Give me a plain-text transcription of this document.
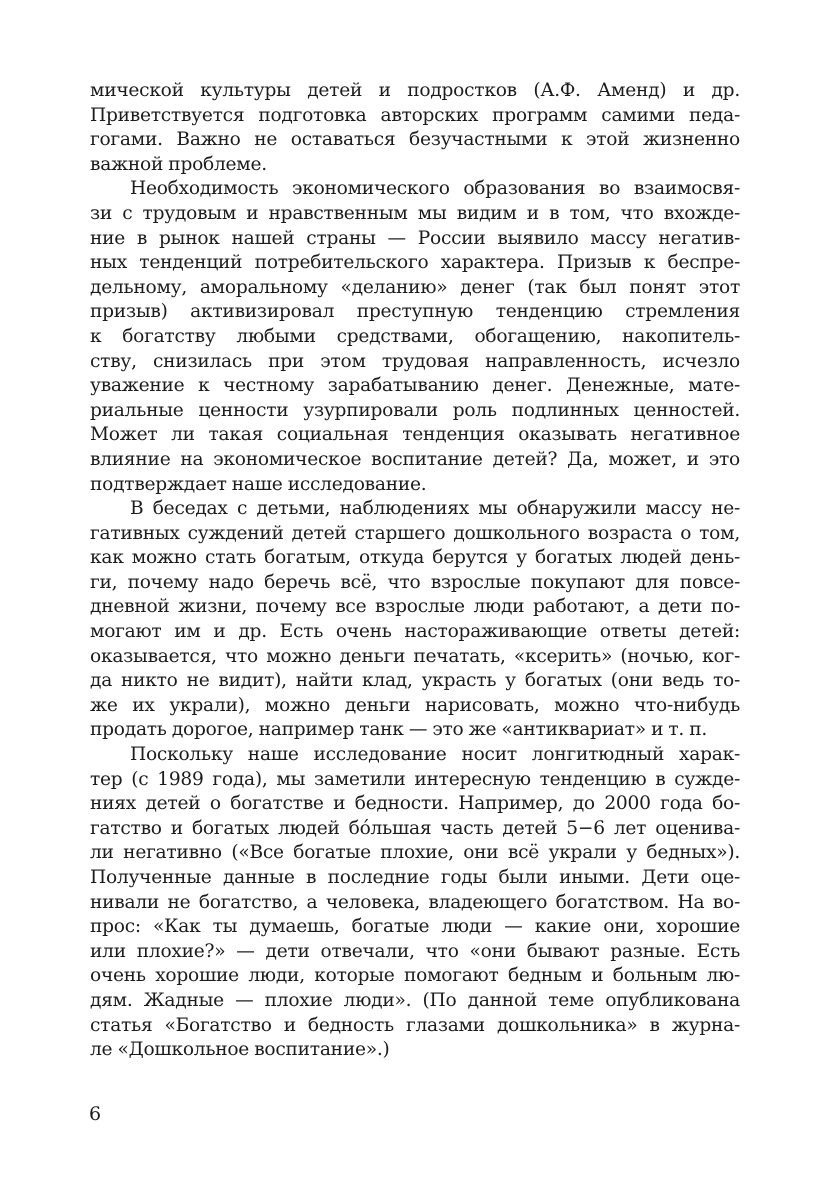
мической культуры детей и подростков (А.Ф. Аменд) и др.
Приветствуется подготовка авторских программ самими педа-
гогами. Важно не оставаться безучастными к этой жизненно
важной проблеме.
Необходимость экономического образования во взаимосвя-
зи с трудовым и нравственным мы видим и в том, что вхожде-
ние в рынок нашей страны — России выявило массу негатив-
ных тенденций потребительского характера. Призыв к беспре-
дельному, аморальному «деланию» денег (так был понят этот
призыв) активизировал преступную тенденцию стремления
к богатству любыми средствами, обогащению, накопитель-
ству, снизилась при этом трудовая направленность, исчезло
уважение к честному зарабатыванию денег. Денежные, мате-
риальные ценности узурпировали роль подлинных ценностей.
Может ли такая социальная тенденция оказывать негативное
влияние на экономическое воспитание детей? Да, может, и это
подтверждает наше исследование.
В беседах с детьми, наблюдениях мы обнаружили массу не-
гативных суждений детей старшего дошкольного возраста о том,
как можно стать богатым, откуда берутся у богатых людей день-
ги, почему надо беречь всё, что взрослые покупают для повсе-
дневной жизни, почему все взрослые люди работают, а дети по-
могают им и др. Есть очень настораживающие ответы детей:
оказывается, что можно деньги печатать, «ксерить» (ночью, ког-
да никто не видит), найти клад, украсть у богатых (они ведь то-
же их украли), можно деньги нарисовать, можно что-нибудь
продать дорогое, например танк — это же «антиквариат» и т. п.
Поскольку наше исследование носит лонгитюдный харак-
тер (с 1989 года), мы заметили интересную тенденцию в сужде-
ниях детей о богатстве и бедности. Например, до 2000 года бо-
гатство и богатых людей бóльшая часть детей 5−6 лет оценива-
ли негативно («Все богатые плохие, они всё украли у бедных»).
Полученные данные в последние годы были иными. Дети оце-
нивали не богатство, а человека, владеющего богатством. На во-
прос: «Как ты думаешь, богатые люди — какие они, хорошие
или плохие?» — дети отвечали, что «они бывают разные. Есть
очень хорошие люди, которые помогают бедным и больным лю-
дям. Жадные — плохие люди». (По данной теме опубликована
статья «Богатство и бедность глазами дошкольника» в журна-
ле «Дошкольное воспитание».)
6
